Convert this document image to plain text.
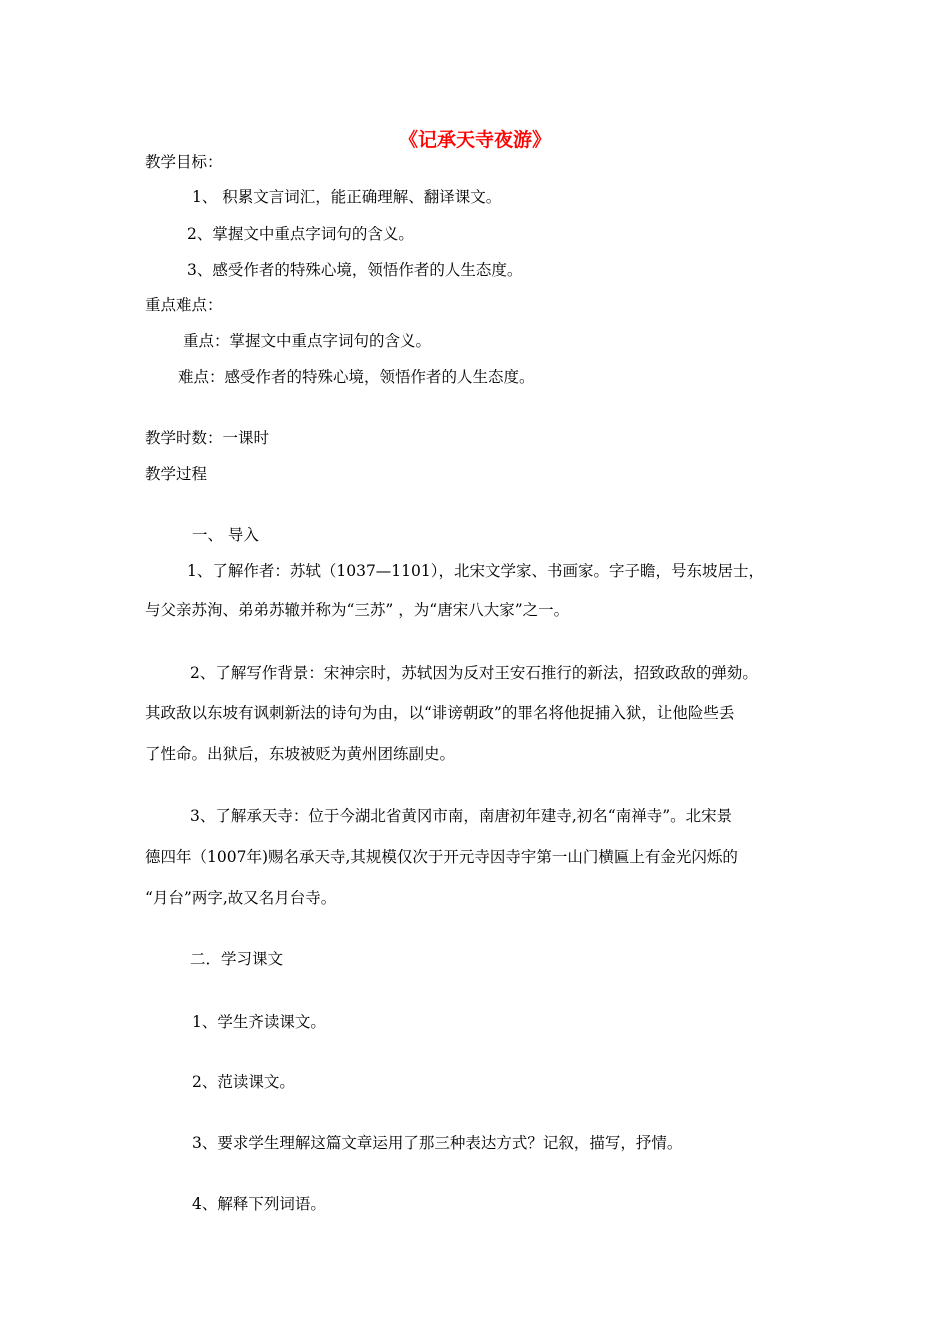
《记承天寺夜游》
教学目标：
1、 积累文言词汇，能正确理解、翻译课文。
2、掌握文中重点字词句的含义。
3、感受作者的特殊心境，领悟作者的人生态度。
重点难点：
重点：掌握文中重点字词句的含义。
难点：感受作者的特殊心境，领悟作者的人生态度。
教学时数：一课时
教学过程
一、 导入
1、了解作者：苏轼（1037—1101），北宋文学家、书画家。字子瞻，号东坡居士，
与父亲苏洵、弟弟苏辙并称为“三苏” ，为“唐宋八大家”之一。
2、了解写作背景：宋神宗时，苏轼因为反对王安石推行的新法，招致政敌的弹劾。
其政敌以东坡有讽刺新法的诗句为由，以“诽谤朝政”的罪名将他捉捕入狱，让他险些丢
了性命。出狱后，东坡被贬为黄州团练副史。
3、了解承天寺：位于今湖北省黄冈市南，南唐初年建寺,初名“南禅寺”。北宋景
德四年（1007年)赐名承天寺,其规模仅次于开元寺因寺宇第一山门横匾上有金光闪烁的
“月台”两字,故又名月台寺。
二．学习课文
1、学生齐读课文。
2、范读课文。
3、要求学生理解这篇文章运用了那三种表达方式？记叙，描写，抒情。
4、解释下列词语。
